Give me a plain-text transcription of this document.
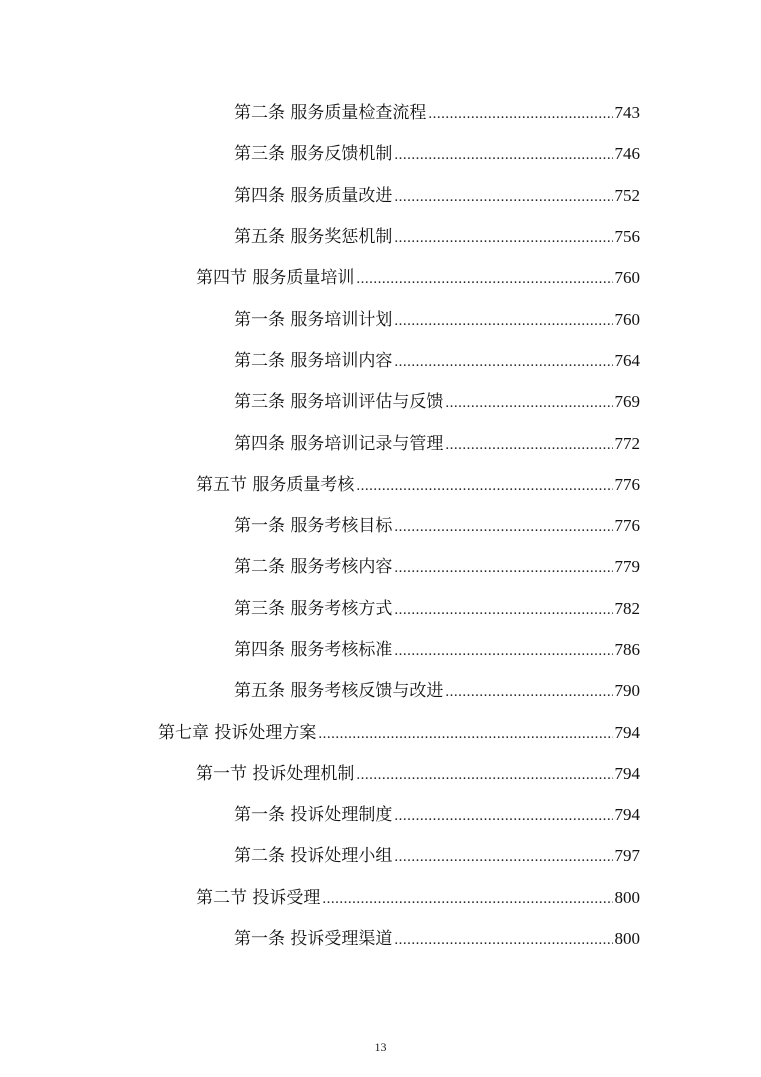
第二条 服务质量检查流程 .....	743
第三条 服务反馈机制 .....	746
第四条 服务质量改进 .....	752
第五条 服务奖惩机制 .....	756
第四节 服务质量培训 .....	760
第一条 服务培训计划 .....	760
第二条 服务培训内容 .....	764
第三条 服务培训评估与反馈 .....	769
第四条 服务培训记录与管理 .....	772
第五节 服务质量考核 .....	776
第一条 服务考核目标 .....	776
第二条 服务考核内容 .....	779
第三条 服务考核方式 .....	782
第四条 服务考核标准 .....	786
第五条 服务考核反馈与改进 .....	790
第七章 投诉处理方案 .....	794
第一节 投诉处理机制 .....	794
第一条 投诉处理制度 .....	794
第二条 投诉处理小组 .....	797
第二节 投诉受理 .....	800
第一条 投诉受理渠道 .....	800
13
